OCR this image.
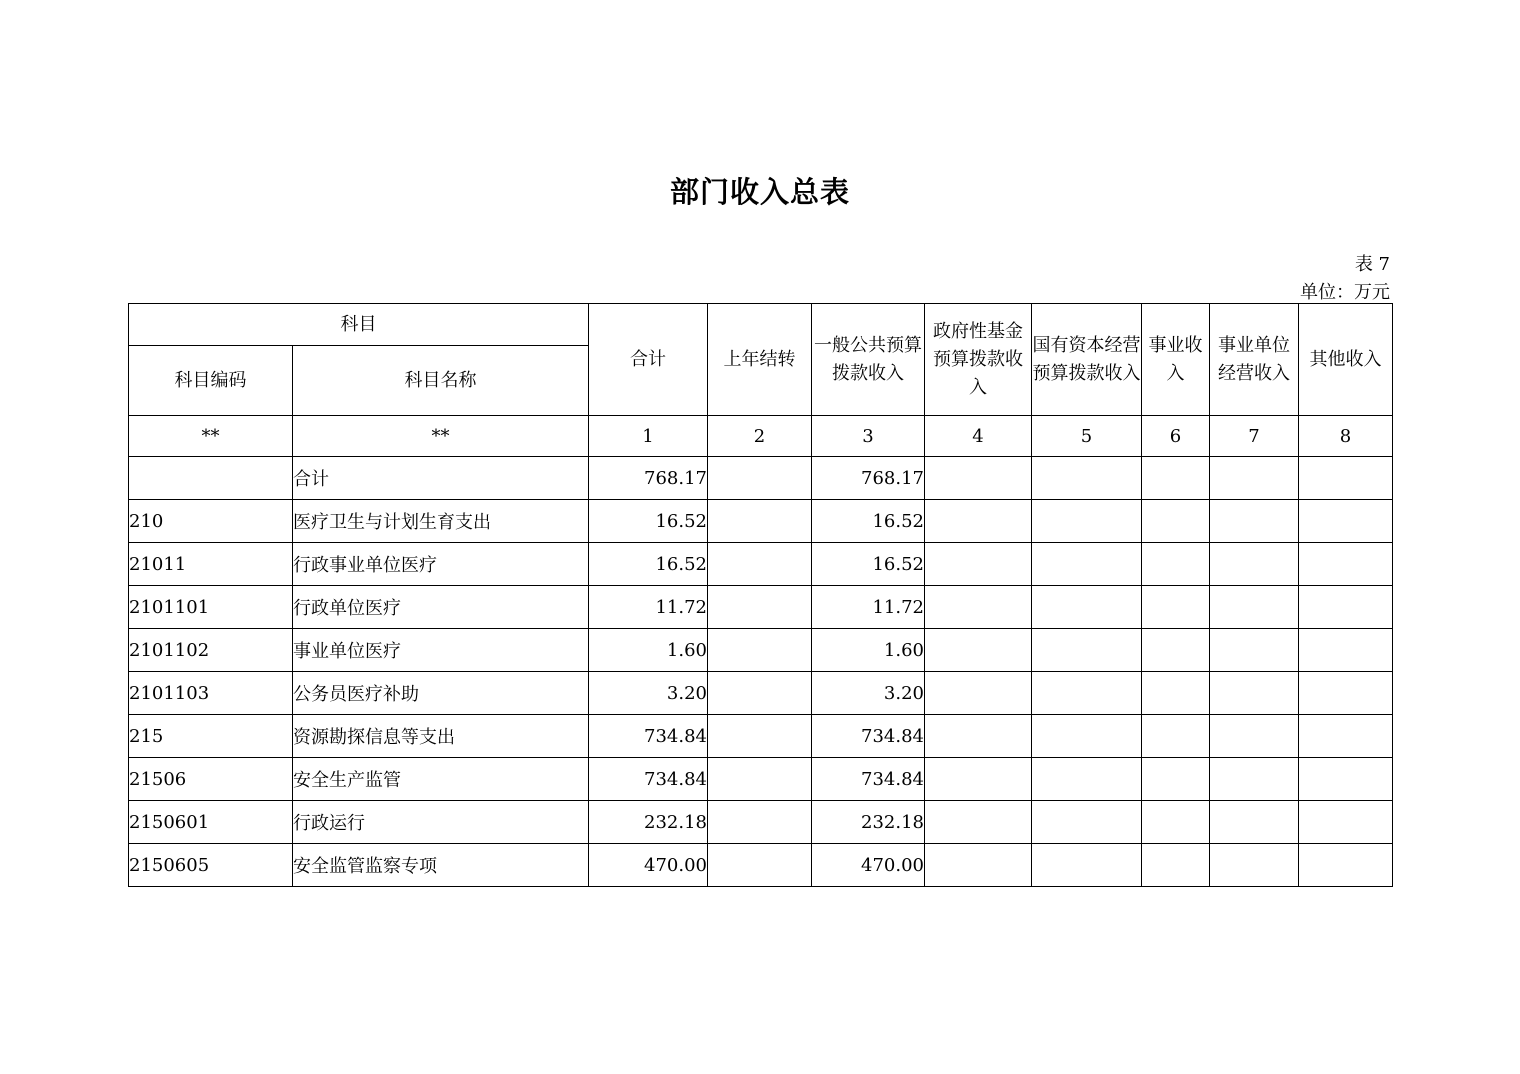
部门收入总表
表 7
单位：万元
科目		合计	上年结转	一般公共预算拨款收入	政府性基金预算拨款收入	国有资本经营预算拨款收入	事业收入	事业单位经营收入	其他收入
科目编码	科目名称								
**	**	1	2	3	4	5	6	7	8
	合计	768.17		768.17					
210	医疗卫生与计划生育支出	16.52		16.52					
21011	行政事业单位医疗	16.52		16.52					
2101101	行政单位医疗	11.72		11.72					
2101102	事业单位医疗	1.60		1.60					
2101103	公务员医疗补助	3.20		3.20					
215	资源勘探信息等支出	734.84		734.84					
21506	安全生产监管	734.84		734.84					
2150601	行政运行	232.18		232.18					
2150605	安全监管监察专项	470.00		470.00					
